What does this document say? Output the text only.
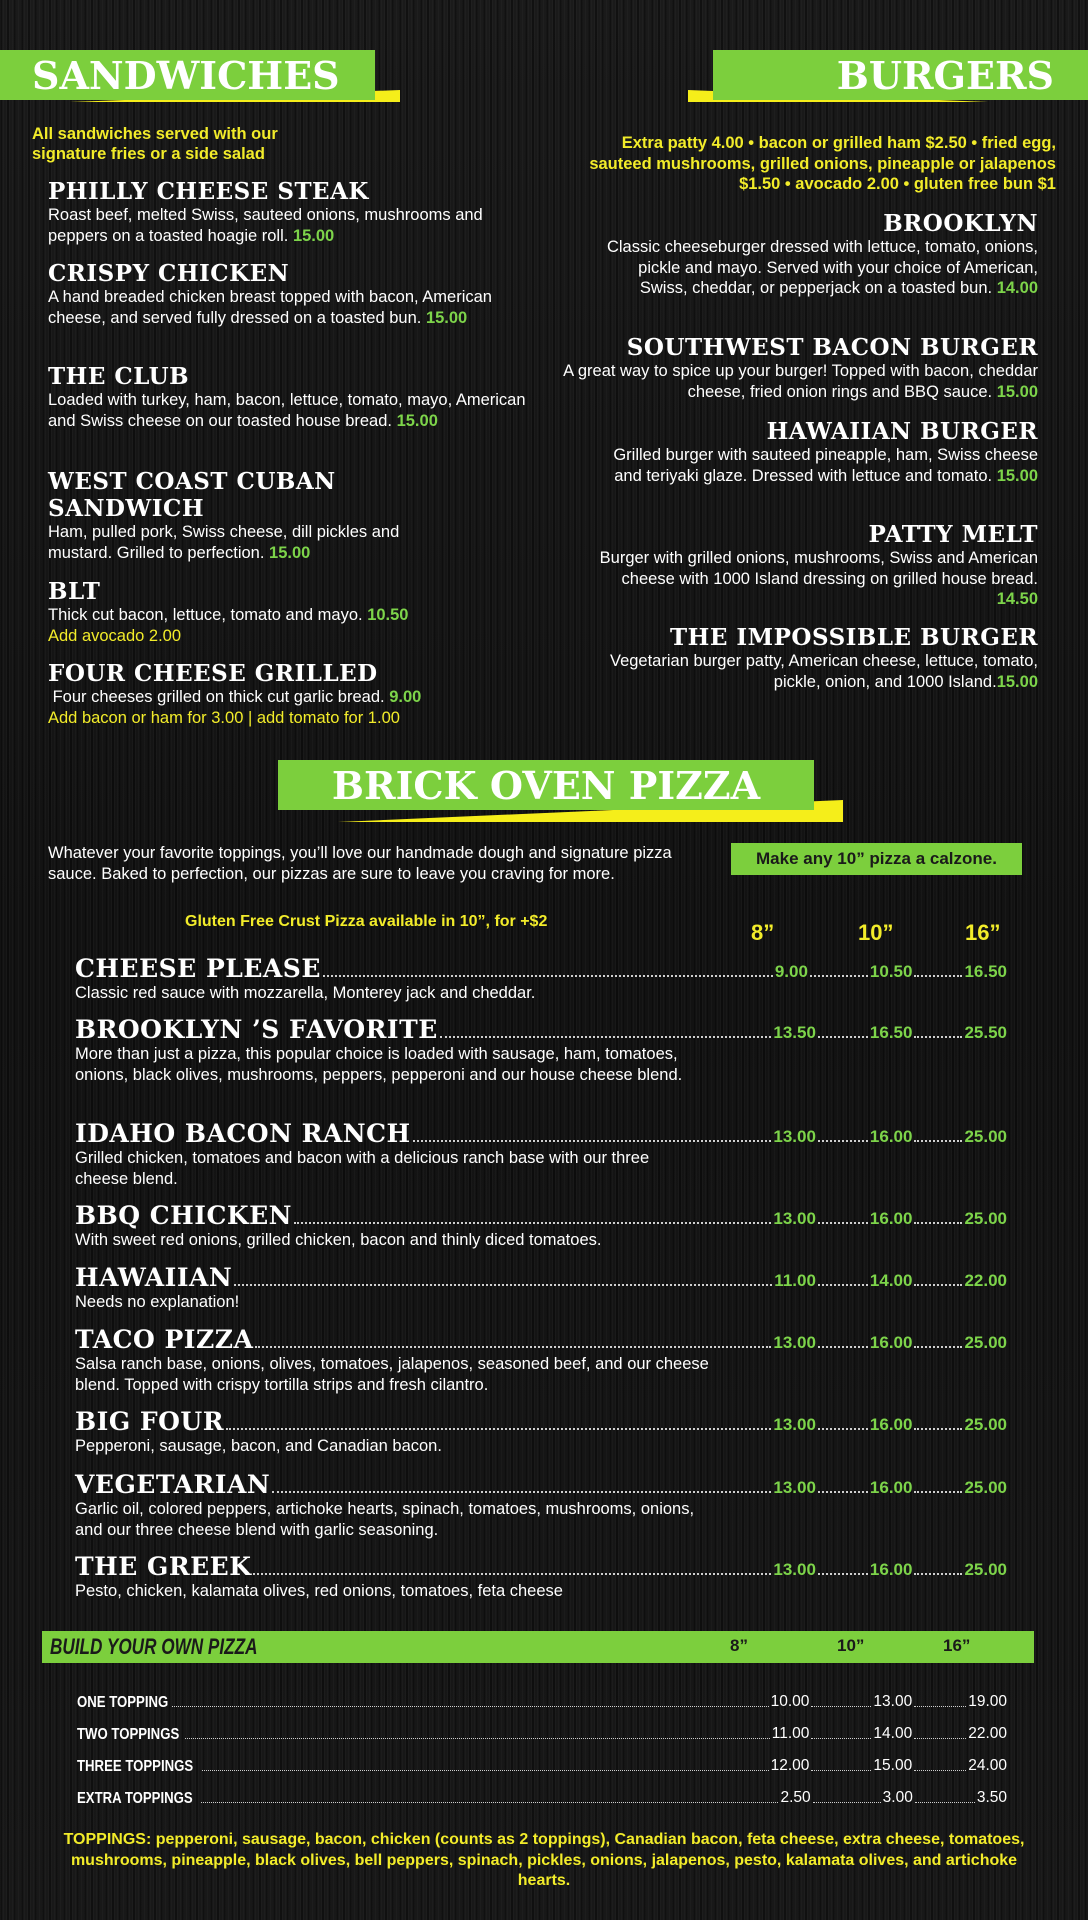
SANDWICHES
All sandwiches served with our signature fries or a side salad
PHILLY CHEESE STEAK
Roast beef, melted Swiss, sauteed onions, mushrooms and peppers on a toasted hoagie roll. 15.00
CRISPY CHICKEN
A hand breaded chicken breast topped with bacon, American cheese, and served fully dressed on a toasted bun. 15.00
THE CLUB
Loaded with turkey, ham, bacon, lettuce, tomato, mayo, American and Swiss cheese on our toasted house bread. 15.00
WEST COAST CUBAN SANDWICH
Ham, pulled pork, Swiss cheese, dill pickles and mustard. Grilled to perfection. 15.00
BLT
Thick cut bacon, lettuce, tomato and mayo. 10.50
Add avocado 2.00
FOUR CHEESE GRILLED
Four cheeses grilled on thick cut garlic bread. 9.00
Add bacon or ham for 3.00 | add tomato for 1.00
BURGERS
Extra patty 4.00 • bacon or grilled ham $2.50 • fried egg, sauteed mushrooms, grilled onions, pineapple or jalapenos $1.50 • avocado 2.00 • gluten free bun $1
BROOKLYN
Classic cheeseburger dressed with lettuce, tomato, onions, pickle and mayo. Served with your choice of American, Swiss, cheddar, or pepperjack on a toasted bun. 14.00
SOUTHWEST BACON BURGER
A great way to spice up your burger! Topped with bacon, cheddar cheese, fried onion rings and BBQ sauce. 15.00
HAWAIIAN BURGER
Grilled burger with sauteed pineapple, ham, Swiss cheese and teriyaki glaze. Dressed with lettuce and tomato. 15.00
PATTY MELT
Burger with grilled onions, mushrooms, Swiss and American cheese with 1000 Island dressing on grilled house bread. 14.50
THE IMPOSSIBLE BURGER
Vegetarian burger patty, American cheese, lettuce, tomato, pickle, onion, and 1000 Island.15.00
BRICK OVEN PIZZA
Whatever your favorite toppings, you’ll love our handmade dough and signature pizza sauce. Baked to perfection, our pizzas are sure to leave you craving for more.
Make any 10” pizza a calzone.
Gluten Free Crust Pizza available in 10”, for +$2	8”	10”	16”
CHEESE PLEASE	9.00	10.50	16.50
Classic red sauce with mozzarella, Monterey jack and cheddar.
BROOKLYN ’S FAVORITE	13.50	16.50	25.50
More than just a pizza, this popular choice is loaded with sausage, ham, tomatoes, onions, black olives, mushrooms, peppers, pepperoni and our house cheese blend.
IDAHO BACON RANCH	13.00	16.00	25.00
Grilled chicken, tomatoes and bacon with a delicious ranch base with our three cheese blend.
BBQ CHICKEN	13.00	16.00	25.00
With sweet red onions, grilled chicken, bacon and thinly diced tomatoes.
HAWAIIAN	11.00	14.00	22.00
Needs no explanation!
TACO PIZZA	13.00	16.00	25.00
Salsa ranch base, onions, olives, tomatoes, jalapenos, seasoned beef, and our cheese blend. Topped with crispy tortilla strips and fresh cilantro.
BIG FOUR	13.00	16.00	25.00
Pepperoni, sausage, bacon, and Canadian bacon.
VEGETARIAN	13.00	16.00	25.00
Garlic oil, colored peppers, artichoke hearts, spinach, tomatoes, mushrooms, onions, and our three cheese blend with garlic seasoning.
THE GREEK	13.00	16.00	25.00
Pesto, chicken, kalamata olives, red onions, tomatoes, feta cheese
BUILD YOUR OWN PIZZA	8”	10”	16”
ONE TOPPING	10.00	13.00	19.00
TWO TOPPINGS	11.00	14.00	22.00
THREE TOPPINGS	12.00	15.00	24.00
EXTRA TOPPINGS	2.50	3.00	3.50
TOPPINGS: pepperoni, sausage, bacon, chicken (counts as 2 toppings), Canadian bacon, feta cheese, extra cheese, tomatoes, mushrooms, pineapple, black olives, bell peppers, spinach, pickles, onions, jalapenos, pesto, kalamata olives, and artichoke hearts.
